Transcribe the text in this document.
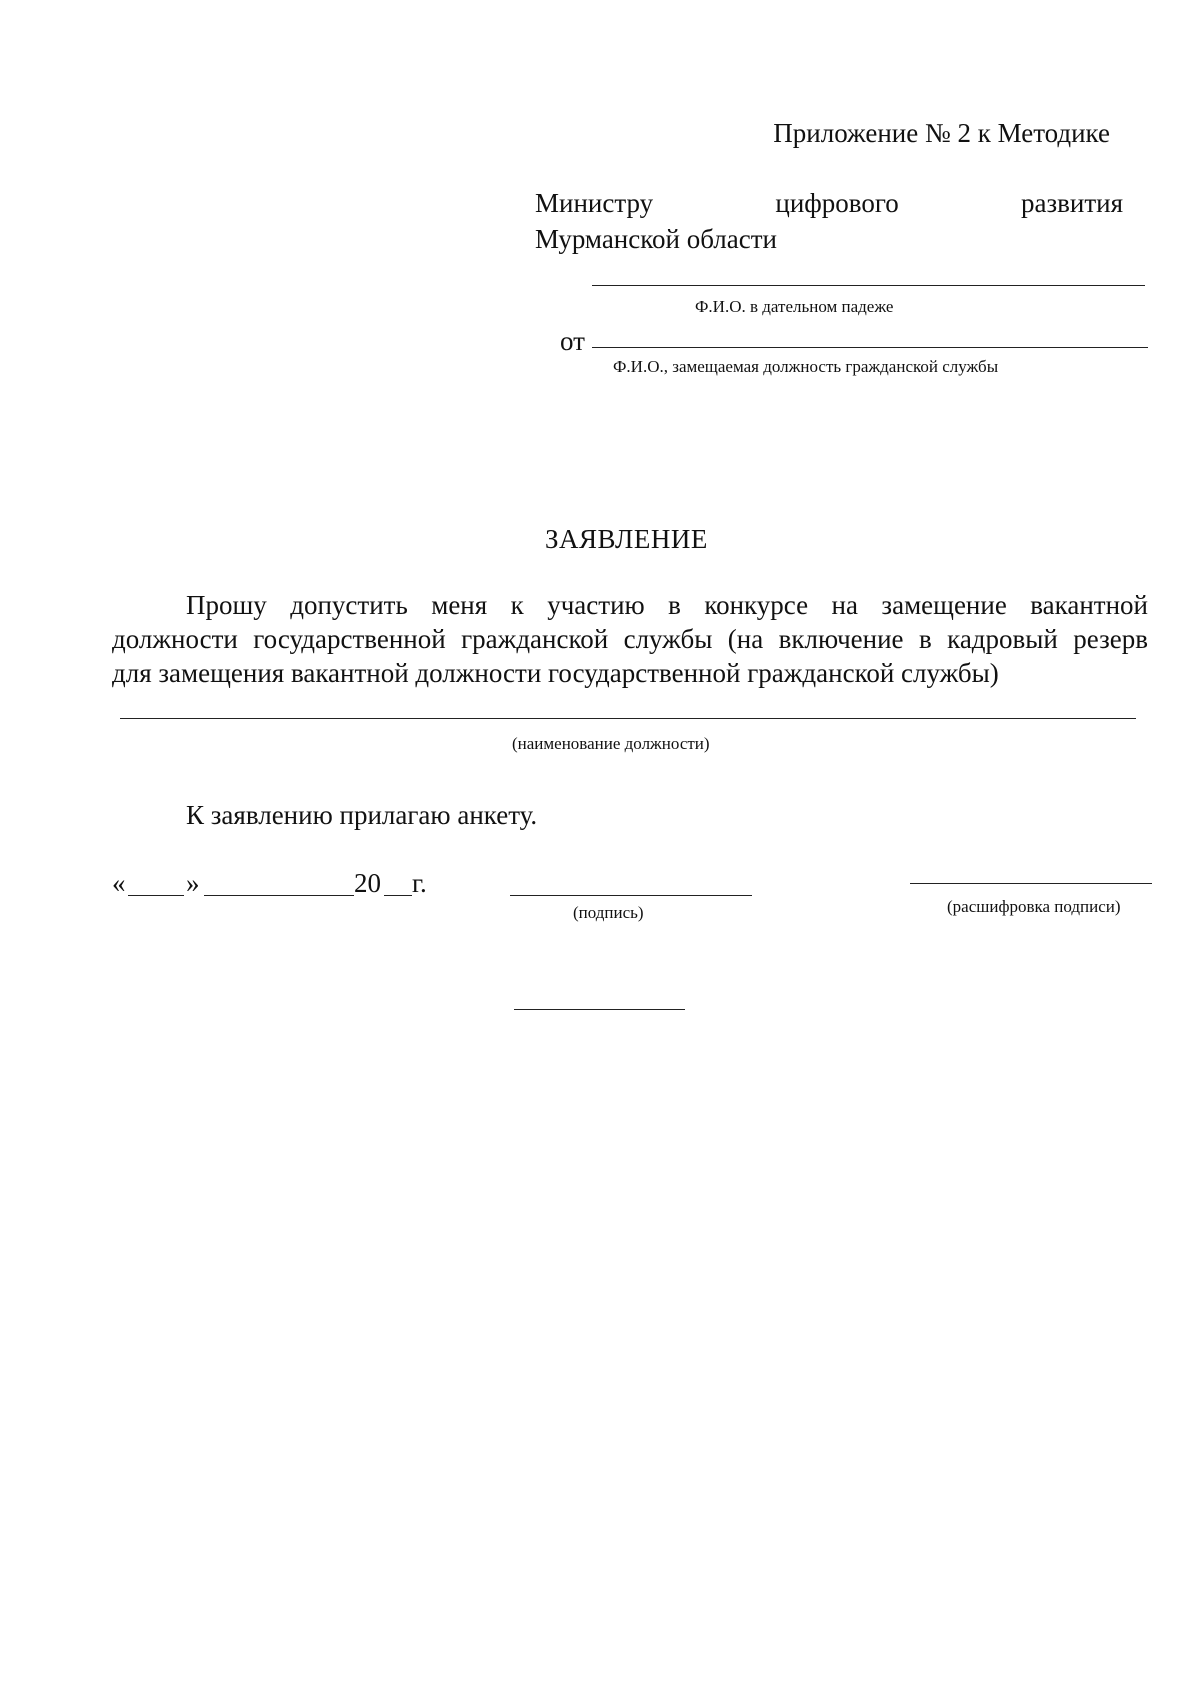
Приложение № 2 к Методике
Министру	цифрового	развития
Мурманской области
Ф.И.О. в дательном падеже
от
Ф.И.О., замещаемая должность гражданской службы
ЗАЯВЛЕНИЕ
Прошу допустить меня к участию в конкурсе на замещение вакантной
должности государственной гражданской службы (на включение в кадровый резерв
для замещения вакантной должности государственной гражданской службы)
(наименование должности)
К заявлению прилагаю анкету.
« »	20 г.
(подпись)	(расшифровка подписи)
